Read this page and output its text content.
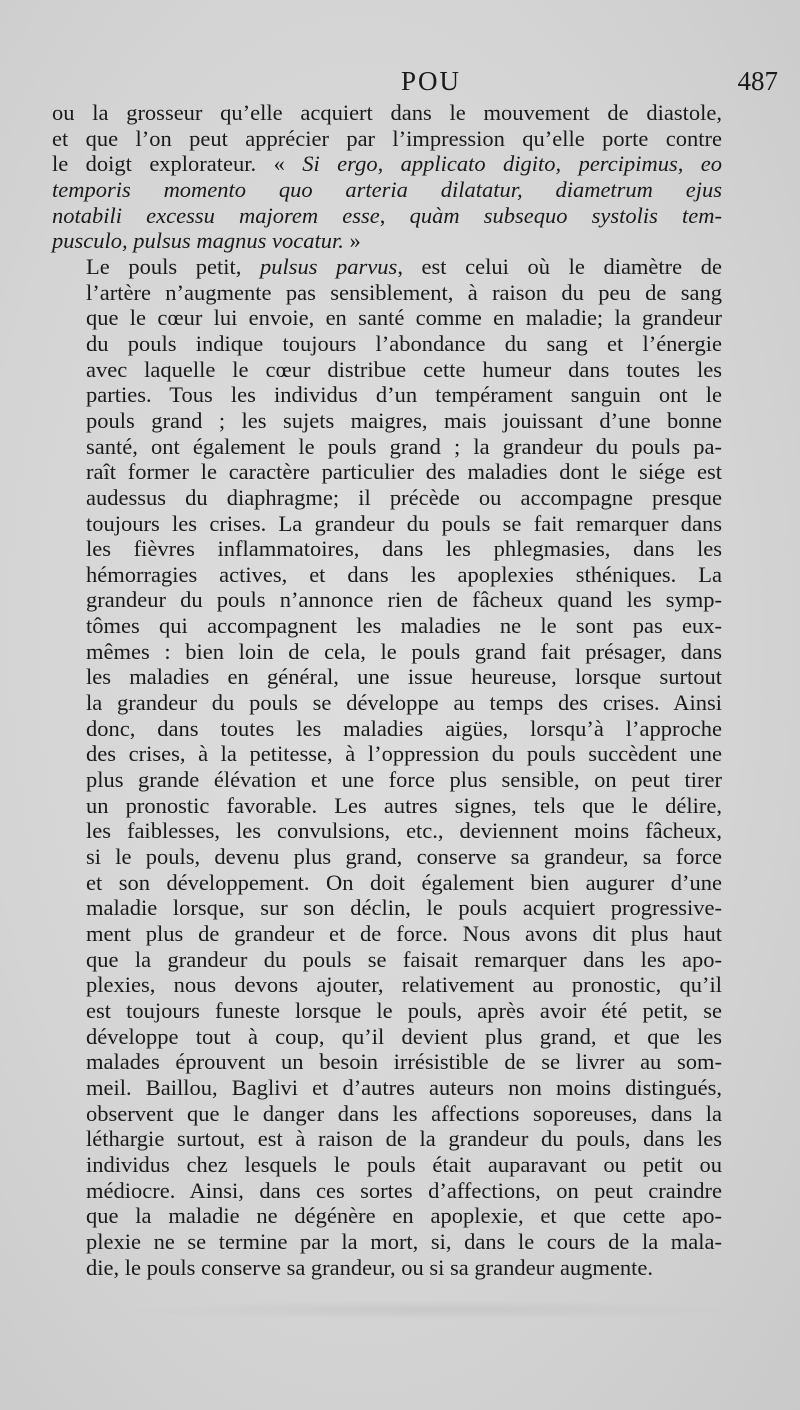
POU	487

ou la grosseur qu’elle acquiert dans le mouvement de diastole,
et que l’on peut apprécier par l’impression qu’elle porte contre
le doigt explorateur. « Si ergo, applicato digito, percipimus, eo
temporis momento quo arteria dilatatur, diametrum ejus
notabili excessu majorem esse, quàm subsequo systolis tem-
pusculo, pulsus magnus vocatur. »

Le pouls petit, pulsus parvus, est celui où le diamètre de
l’artère n’augmente pas sensiblement, à raison du peu de sang
que le cœur lui envoie, en santé comme en maladie; la grandeur
du pouls indique toujours l’abondance du sang et l’énergie
avec laquelle le cœur distribue cette humeur dans toutes les
parties. Tous les individus d’un tempérament sanguin ont le
pouls grand ; les sujets maigres, mais jouissant d’une bonne
santé, ont également le pouls grand ; la grandeur du pouls pa-
raît former le caractère particulier des maladies dont le siége est
audessus du diaphragme; il précède ou accompagne presque
toujours les crises. La grandeur du pouls se fait remarquer dans
les fièvres inflammatoires, dans les phlegmasies, dans les
hémorragies actives, et dans les apoplexies sthéniques. La
grandeur du pouls n’annonce rien de fâcheux quand les symp-
tômes qui accompagnent les maladies ne le sont pas eux-
mêmes : bien loin de cela, le pouls grand fait présager, dans
les maladies en général, une issue heureuse, lorsque surtout
la grandeur du pouls se développe au temps des crises. Ainsi
donc, dans toutes les maladies aigües, lorsqu’à l’approche
des crises, à la petitesse, à l’oppression du pouls succèdent une
plus grande élévation et une force plus sensible, on peut tirer
un pronostic favorable. Les autres signes, tels que le délire,
les faiblesses, les convulsions, etc., deviennent moins fâcheux,
si le pouls, devenu plus grand, conserve sa grandeur, sa force
et son développement. On doit également bien augurer d’une
maladie lorsque, sur son déclin, le pouls acquiert progressive-
ment plus de grandeur et de force. Nous avons dit plus haut
que la grandeur du pouls se faisait remarquer dans les apo-
plexies, nous devons ajouter, relativement au pronostic, qu’il
est toujours funeste lorsque le pouls, après avoir été petit, se
développe tout à coup, qu’il devient plus grand, et que les
malades éprouvent un besoin irrésistible de se livrer au som-
meil. Baillou, Baglivi et d’autres auteurs non moins distingués,
observent que le danger dans les affections soporeuses, dans la
léthargie surtout, est à raison de la grandeur du pouls, dans les
individus chez lesquels le pouls était auparavant ou petit ou
médiocre. Ainsi, dans ces sortes d’affections, on peut craindre
que la maladie ne dégénère en apoplexie, et que cette apo-
plexie ne se termine par la mort, si, dans le cours de la mala-
die, le pouls conserve sa grandeur, ou si sa grandeur augmente.
